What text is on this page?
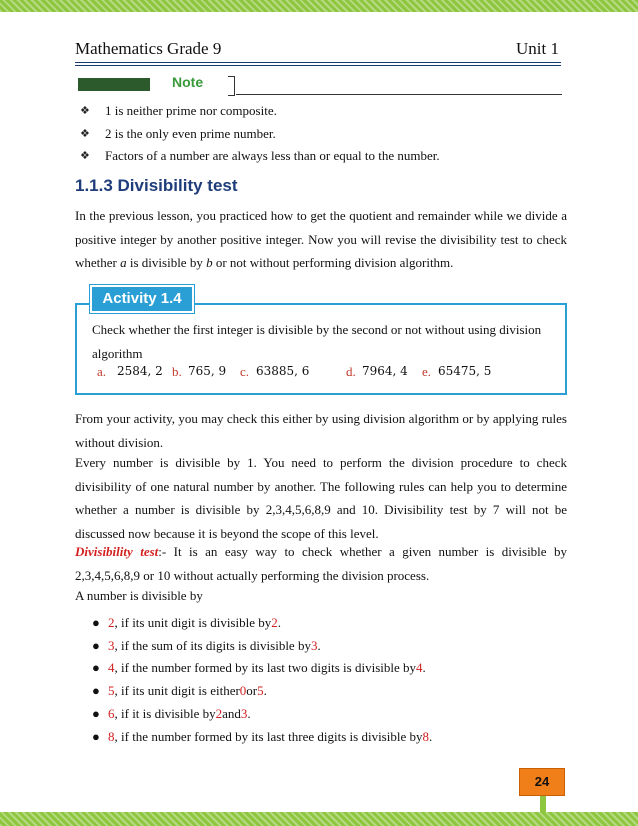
Mathematics Grade 9	Unit 1
Note
❖	1 is neither prime nor composite.
❖	2 is the only even prime number.
❖	Factors of a number are always less than or equal to the number.
1.1.3 Divisibility test
In the previous lesson, you practiced how to get the quotient and remainder while we divide a positive integer by another positive integer. Now you will revise the divisibility test to check whether a is divisible by b or not without performing division algorithm.
Activity 1.4
Check whether the first integer is divisible by the second or not without using division algorithm
a. 2584, 2 b. 765, 9 c. 63885, 6	d. 7964, 4 e. 65475, 5
From your activity, you may check this either by using division algorithm or by applying rules without division.
Every number is divisible by 1. You need to perform the division procedure to check divisibility of one natural number by another. The following rules can help you to determine whether a number is divisible by 2,3,4,5,6,8,9 and 10. Divisibility test by 7 will not be discussed now because it is beyond the scope of this level.
Divisibility test:- It is an easy way to check whether a given number is divisible by 2,3,4,5,6,8,9 or 10 without actually performing the division process.
A number is divisible by
● 2 , if its unit digit is divisible by 2 .
● 3 , if the sum of its digits is divisible by 3 .
● 4 , if the number formed by its last two digits is divisible by 4 .
● 5 , if its unit digit is either 0 or 5 .
● 6 , if it is divisible by 2 and 3 .
● 8 , if the number formed by its last three digits is divisible by 8 .
24
